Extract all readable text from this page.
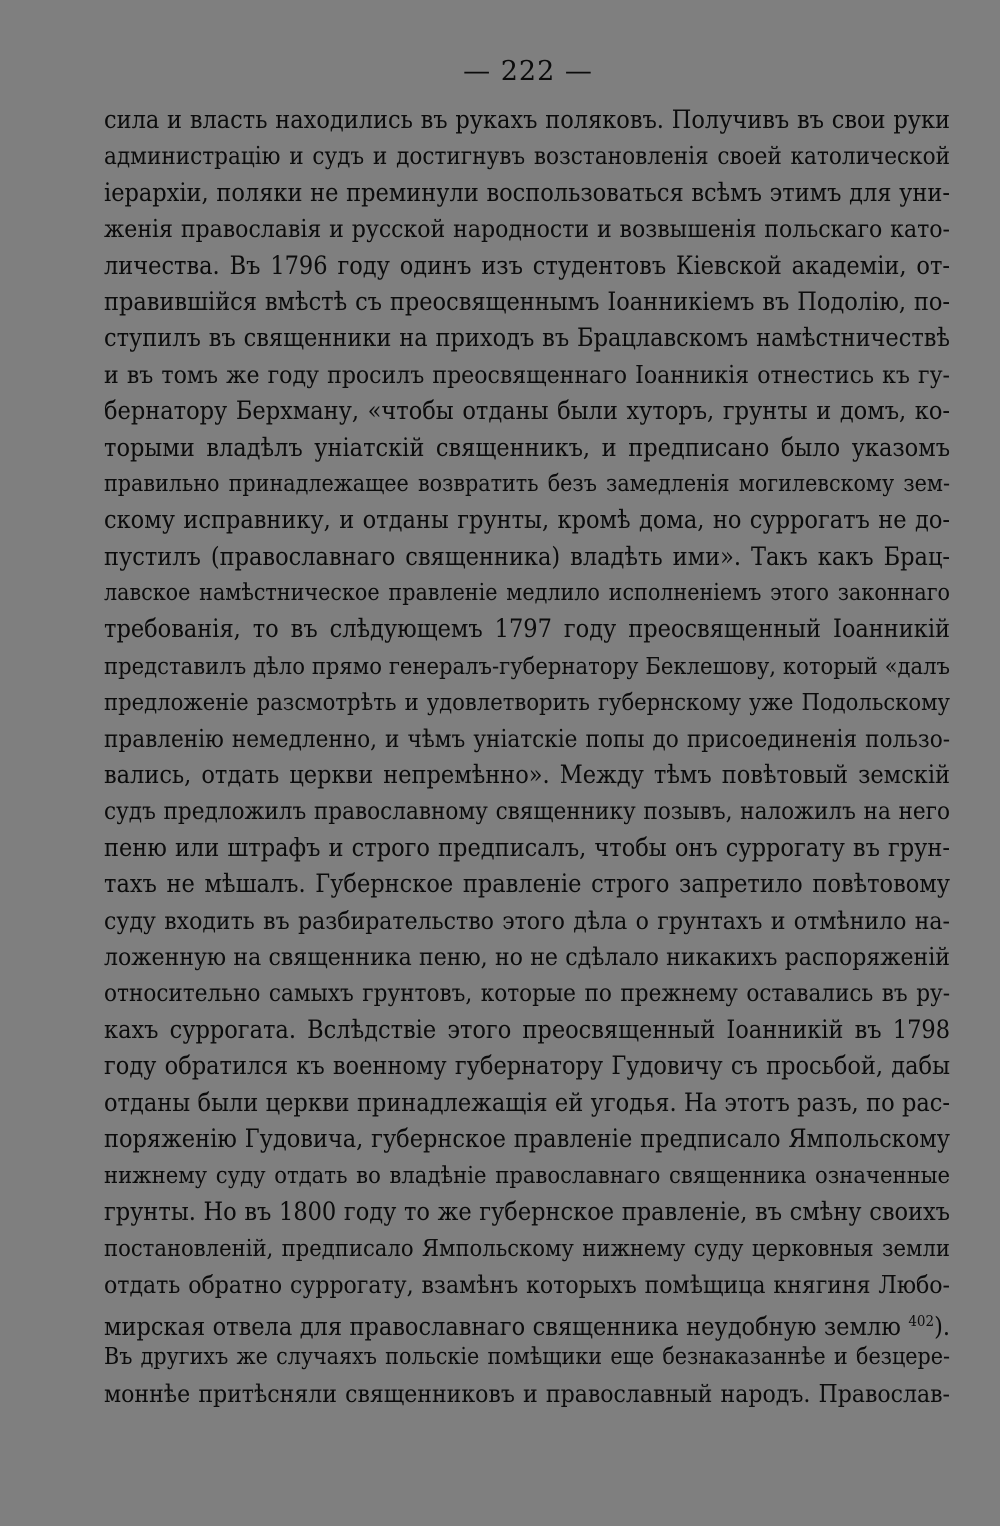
— 222 —
сила и власть находились въ рукахъ поляковъ. Получивъ въ свои руки
администрацію и судъ и достигнувъ возстановленія своей католической
іерархіи, поляки не преминули воспользоваться всѣмъ этимъ для уни-
женія православія и русской народности и возвышенія польскаго като-
личества. Въ 1796 году одинъ изъ студентовъ Кіевской академіи, от-
правившійся вмѣстѣ съ преосвященнымъ Іоанникіемъ въ Подолію, по-
ступилъ въ священники на приходъ въ Брацлавскомъ намѣстничествѣ
и въ томъ же году просилъ преосвященнаго Іоанникія отнестись къ гу-
бернатору Берхману, «чтобы отданы были хуторъ, грунты и домъ, ко-
торыми владѣлъ уніатскій священникъ, и предписано было указомъ
правильно принадлежащее возвратить безъ замедленія могилевскому зем-
скому исправнику, и отданы грунты, кромѣ дома, но суррогатъ не до-
пустилъ (православнаго священника) владѣть ими». Такъ какъ Брац-
лавское намѣстническое правленіе медлило исполненіемъ этого законнаго
требованія, то въ слѣдующемъ 1797 году преосвященный Іоанникій
представилъ дѣло прямо генералъ-губернатору Беклешову, который «далъ
предложеніе разсмотрѣть и удовлетворить губернскому уже Подольскому
правленію немедленно, и чѣмъ уніатскіе попы до присоединенія пользо-
вались, отдать церкви непремѣнно». Между тѣмъ повѣтовый земскій
судъ предложилъ православному священнику позывъ, наложилъ на него
пеню или штрафъ и строго предписалъ, чтобы онъ суррогату въ грун-
тахъ не мѣшалъ. Губернское правленіе строго запретило повѣтовому
суду входить въ разбирательство этого дѣла о грунтахъ и отмѣнило на-
ложенную на священника пеню, но не сдѣлало никакихъ распоряженій
относительно самыхъ грунтовъ, которые по прежнему оставались въ ру-
кахъ суррогата. Вслѣдствіе этого преосвященный Іоанникій въ 1798
году обратился къ военному губернатору Гудовичу съ просьбой, дабы
отданы были церкви принадлежащія ей угодья. На этотъ разъ, по рас-
поряженію Гудовича, губернское правленіе предписало Ямпольскому
нижнему суду отдать во владѣніе православнаго священника означенные
грунты. Но въ 1800 году то же губернское правленіе, въ смѣну своихъ
постановленій, предписало Ямпольскому нижнему суду церковныя земли
отдать обратно суррогату, взамѣнъ которыхъ помѣщица княгиня Любо-
мирская отвела для православнаго священника неудобную землю $^{402}$).
Въ другихъ же случаяхъ польскіе помѣщики еще безнаказаннѣе и безцере-
моннѣе притѣсняли священниковъ и православный народъ. Православ-
